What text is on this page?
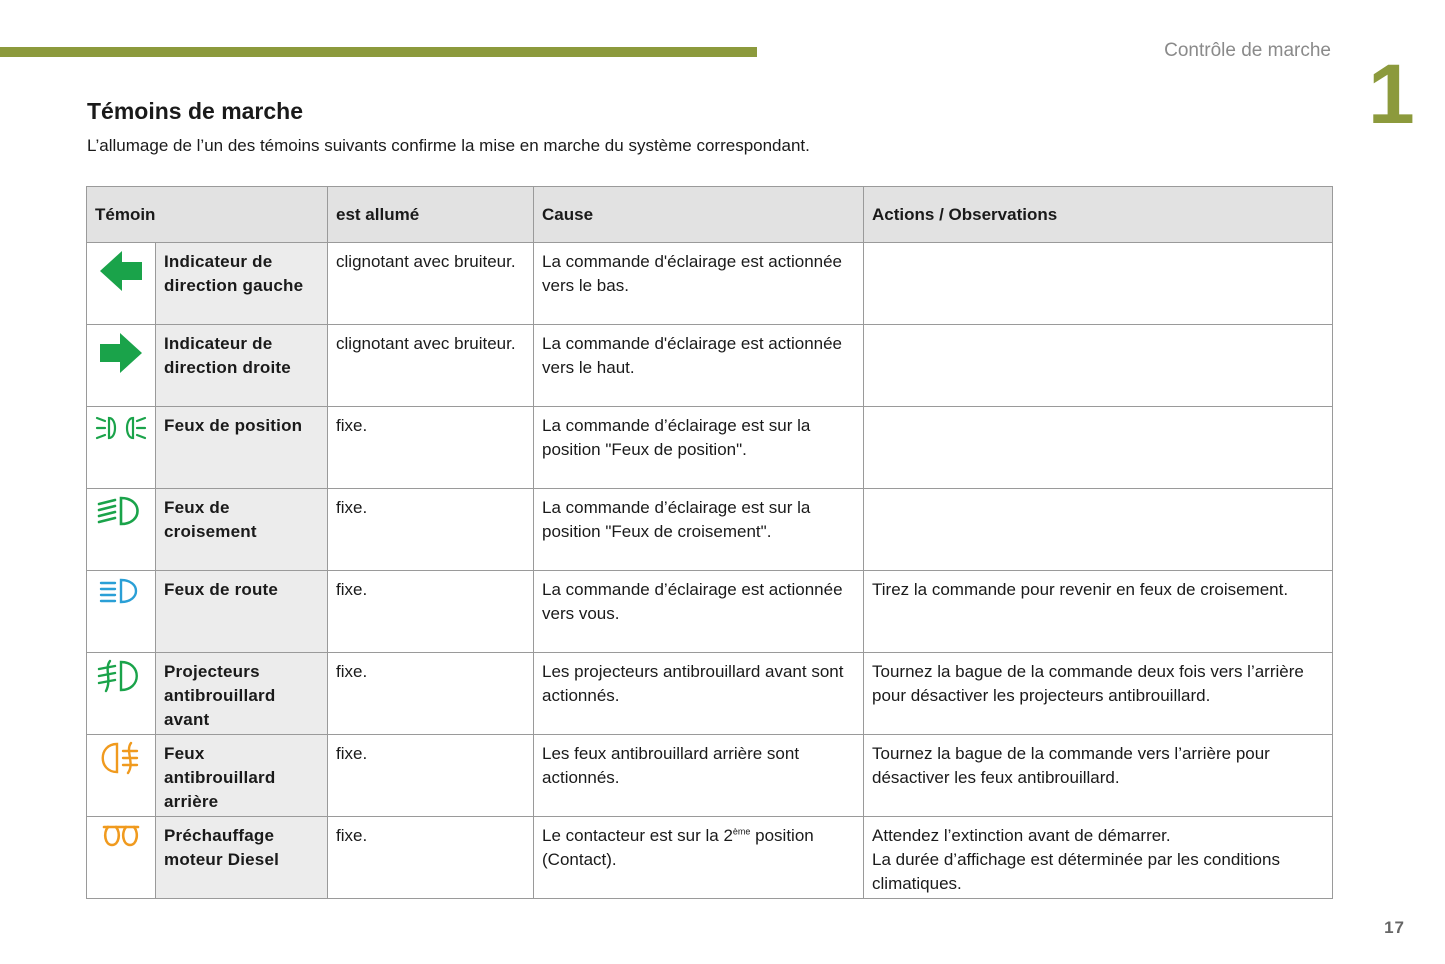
Contrôle de marche 1
Témoins de marche

L’allumage de l’un des témoins suivants confirme la mise en marche du système correspondant.

Témoin		est allumé	Cause	Actions / Observations

	Indicateur de direction gauche	clignotant avec bruiteur.	La commande d'éclairage est actionnée vers le bas.	

	Indicateur de direction droite	clignotant avec bruiteur.	La commande d'éclairage est actionnée vers le haut.	

	Feux de position	fixe.	La commande d’éclairage est sur la position "Feux de position".	

	Feux de croisement	fixe.	La commande d’éclairage est sur la position "Feux de croisement".	

	Feux de route	fixe.	La commande d’éclairage est actionnée vers vous.	Tirez la commande pour revenir en feux de croisement.

	Projecteurs antibrouillard avant	fixe.	Les projecteurs antibrouillard avant sont actionnés.	Tournez la bague de la commande deux fois vers l’arrière pour désactiver les projecteurs antibrouillard.

	Feux antibrouillard arrière	fixe.	Les feux antibrouillard arrière sont actionnés.	Tournez la bague de la commande vers l’arrière pour désactiver les feux antibrouillard.

	Préchauffage moteur Diesel	fixe.	Le contacteur est sur la 2ème position (Contact).	Attendez l’extinction avant de démarrer.
La durée d’affichage est déterminée par les conditions climatiques.
17
